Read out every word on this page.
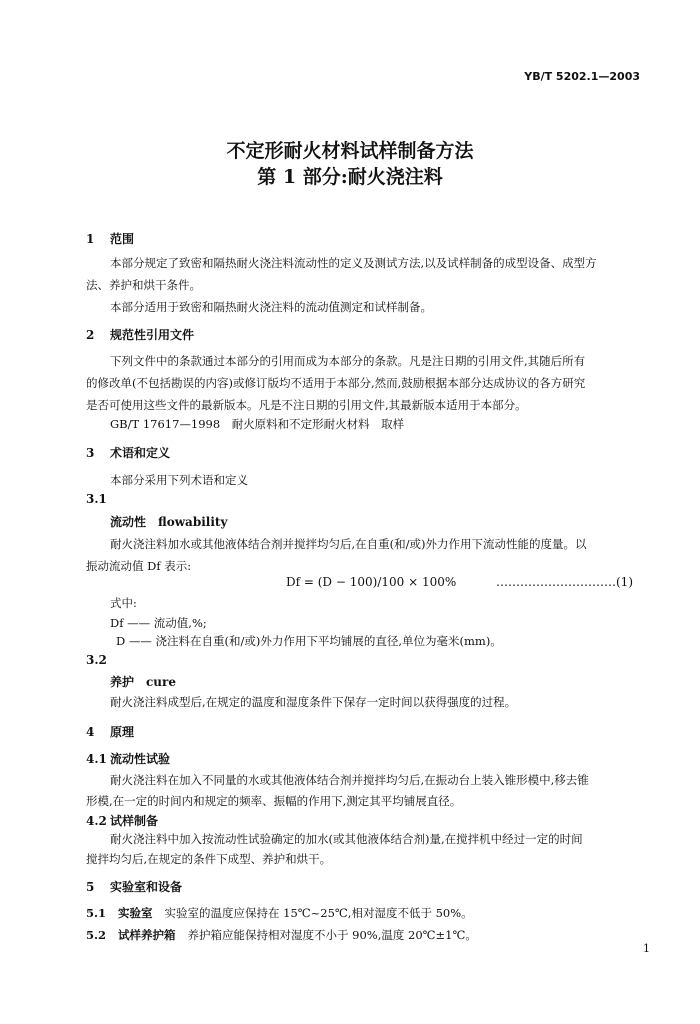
YB/T 5202.1—2003
不定形耐火材料试样制备方法
第 1 部分:耐火浇注料
1 范围
本部分规定了致密和隔热耐火浇注料流动性的定义及测试方法,以及试样制备的成型设备、成型方
法、养护和烘干条件。
本部分适用于致密和隔热耐火浇注料的流动值测定和试样制备。
2 规范性引用文件
下列文件中的条款通过本部分的引用而成为本部分的条款。凡是注日期的引用文件,其随后所有
的修改单(不包括勘误的内容)或修订版均不适用于本部分,然而,鼓励根据本部分达成协议的各方研究
是否可使用这些文件的最新版本。凡是不注日期的引用文件,其最新版本适用于本部分。
GB/T 17617—1998　耐火原料和不定形耐火材料　取样
3 术语和定义
本部分采用下列术语和定义
3.1
流动性　flowability
耐火浇注料加水或其他液体结合剂并搅拌均匀后,在自重(和/或)外力作用下流动性能的度量。以
振动流动值 Df 表示:
Df = (D − 100)/100 × 100%	…………………………(1)
式中:
Df —— 流动值,%;
D —— 浇注料在自重(和/或)外力作用下平均铺展的直径,单位为毫米(mm)。
3.2
养护　cure
耐火浇注料成型后,在规定的温度和湿度条件下保存一定时间以获得强度的过程。
4 原理
4.1 流动性试验
耐火浇注料在加入不同量的水或其他液体结合剂并搅拌均匀后,在振动台上装入锥形模中,移去锥
形模,在一定的时间内和规定的频率、振幅的作用下,测定其平均铺展直径。
4.2 试样制备
耐火浇注料中加入按流动性试验确定的加水(或其他液体结合剂)量,在搅拌机中经过一定的时间
搅拌均匀后,在规定的条件下成型、养护和烘干。
5 实验室和设备
5.1 实验室 实验室的温度应保持在 15℃~25℃,相对湿度不低于 50%。
5.2 试样养护箱 养护箱应能保持相对湿度不小于 90%,温度 20℃±1℃。
1
